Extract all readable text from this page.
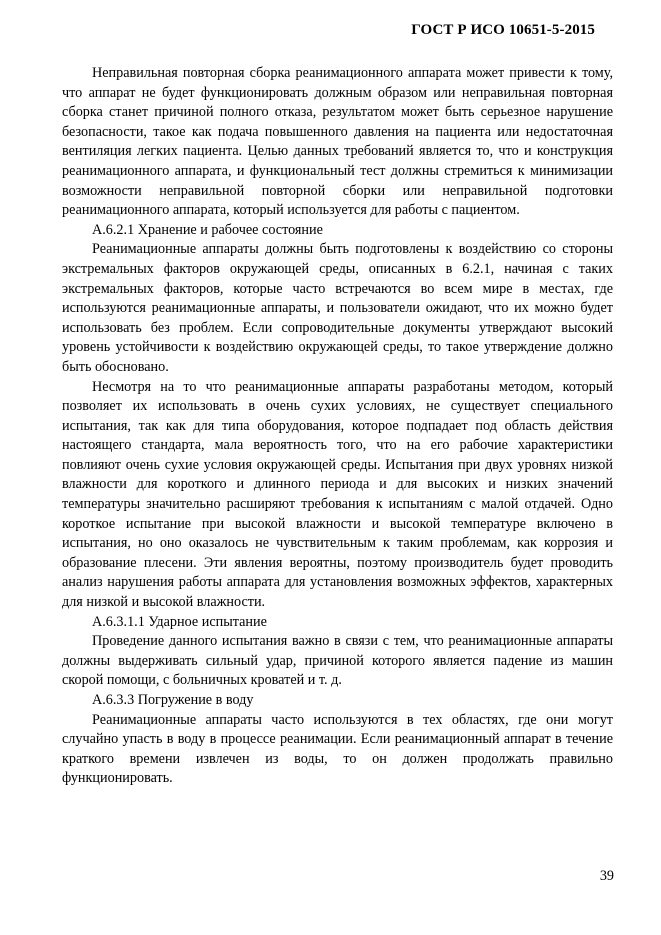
ГОСТ Р ИСО 10651-5-2015

Неправильная повторная сборка реанимационного аппарата может привести к тому, что аппарат не будет функционировать должным образом или неправильная повторная сборка станет причиной полного отказа, результатом может быть серьезное нарушение безопасности, такое как подача повышенного давления на пациента или недостаточная вентиляция легких пациента. Целью данных требований является то, что и конструкция реанимационного аппарата, и функциональный тест должны стремиться к минимизации возможности неправильной повторной сборки или неправильной подготовки реанимационного аппарата, который используется для работы с пациентом.

А.6.2.1 Хранение и рабочее состояние

Реанимационные аппараты должны быть подготовлены к воздействию со стороны экстремальных факторов окружающей среды, описанных в 6.2.1, начиная с таких экстремальных факторов, которые часто встречаются во всем мире в местах, где используются реанимационные аппараты, и пользователи ожидают, что их можно будет использовать без проблем. Если сопроводительные документы утверждают высокий уровень устойчивости к воздействию окружающей среды, то такое утверждение должно быть обосновано.

Несмотря на то что реанимационные аппараты разработаны методом, который позволяет их использовать в очень сухих условиях, не существует специального испытания, так как для типа оборудования, которое подпадает под область действия настоящего стандарта, мала вероятность того, что на его рабочие характеристики повлияют очень сухие условия окружающей среды. Испытания при двух уровнях низкой влажности для короткого и длинного периода и для высоких и низких значений температуры значительно расширяют требования к испытаниям с малой отдачей. Одно короткое испытание при высокой влажности и высокой температуре включено в испытания, но оно оказалось не чувствительным к таким проблемам, как коррозия и образование плесени. Эти явления вероятны, поэтому производитель будет проводить анализ нарушения работы аппарата для установления возможных эффектов, характерных для низкой и высокой влажности.

А.6.3.1.1 Ударное испытание

Проведение данного испытания важно в связи с тем, что реанимационные аппараты должны выдерживать сильный удар, причиной которого является падение из машин скорой помощи, с больничных кроватей и т. д.

А.6.3.3 Погружение в воду

Реанимационные аппараты часто используются в тех областях, где они могут случайно упасть в воду в процессе реанимации. Если реанимационный аппарат в течение краткого времени извлечен из воды, то он должен продолжать правильно функционировать.

39
